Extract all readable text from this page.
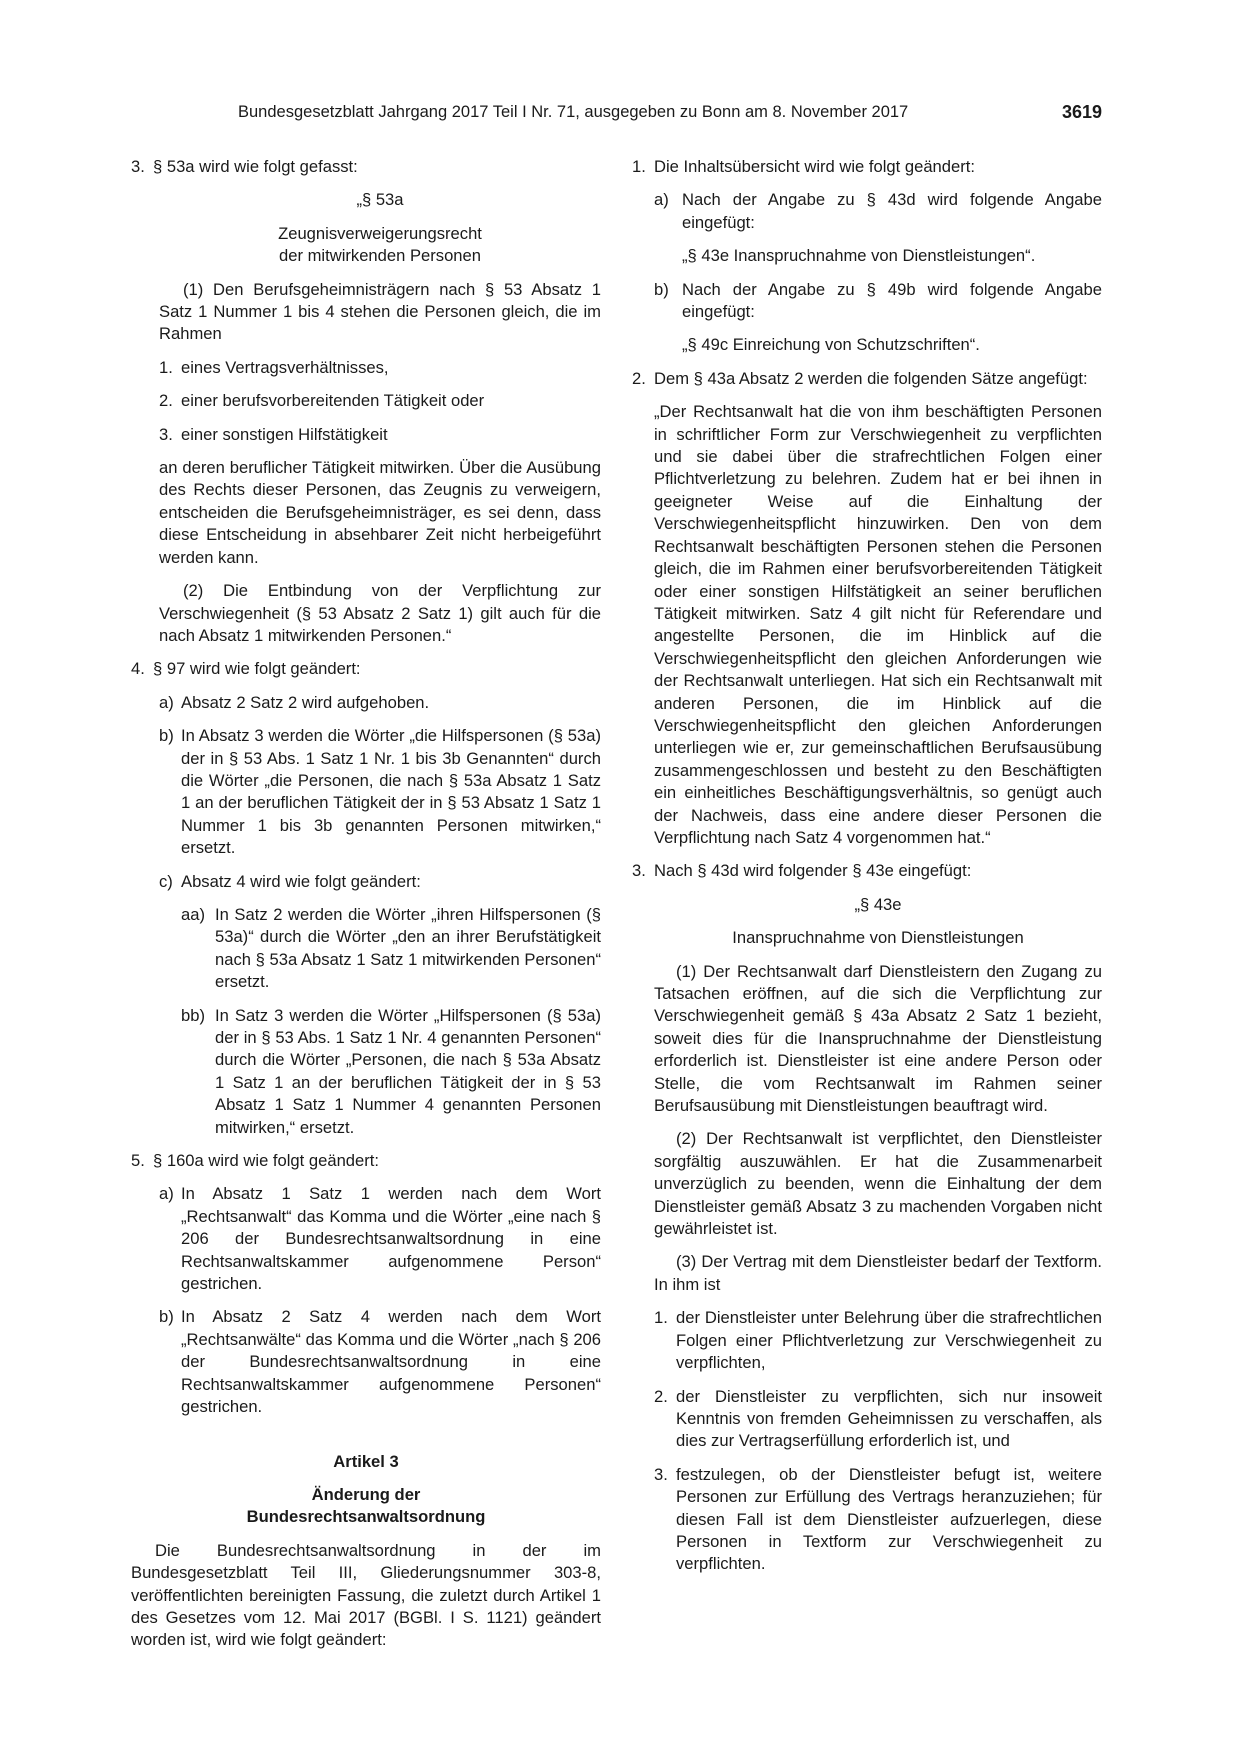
Bundesgesetzblatt Jahrgang 2017 Teil I Nr. 71, ausgegeben zu Bonn am 8. November 2017	3619
3. § 53a wird wie folgt gefasst:
„§ 53a
Zeugnisverweigerungsrecht
der mitwirkenden Personen
(1) Den Berufsgeheimnisträgern nach § 53 Absatz 1 Satz 1 Nummer 1 bis 4 stehen die Personen gleich, die im Rahmen
1. eines Vertragsverhältnisses,
2. einer berufsvorbereitenden Tätigkeit oder
3. einer sonstigen Hilfstätigkeit
an deren beruflicher Tätigkeit mitwirken. Über die Ausübung des Rechts dieser Personen, das Zeugnis zu verweigern, entscheiden die Berufsgeheimnisträger, es sei denn, dass diese Entscheidung in absehbarer Zeit nicht herbeigeführt werden kann.
(2) Die Entbindung von der Verpflichtung zur Verschwiegenheit (§ 53 Absatz 2 Satz 1) gilt auch für die nach Absatz 1 mitwirkenden Personen.“
4. § 97 wird wie folgt geändert:
a) Absatz 2 Satz 2 wird aufgehoben.
b) In Absatz 3 werden die Wörter „die Hilfspersonen (§ 53a) der in § 53 Abs. 1 Satz 1 Nr. 1 bis 3b Genannten“ durch die Wörter „die Personen, die nach § 53a Absatz 1 Satz 1 an der beruflichen Tätigkeit der in § 53 Absatz 1 Satz 1 Nummer 1 bis 3b genannten Personen mitwirken,“ ersetzt.
c) Absatz 4 wird wie folgt geändert:
aa) In Satz 2 werden die Wörter „ihren Hilfspersonen (§ 53a)“ durch die Wörter „den an ihrer Berufstätigkeit nach § 53a Absatz 1 Satz 1 mitwirkenden Personen“ ersetzt.
bb) In Satz 3 werden die Wörter „Hilfspersonen (§ 53a) der in § 53 Abs. 1 Satz 1 Nr. 4 genannten Personen“ durch die Wörter „Personen, die nach § 53a Absatz 1 Satz 1 an der beruflichen Tätigkeit der in § 53 Absatz 1 Satz 1 Nummer 4 genannten Personen mitwirken,“ ersetzt.
5. § 160a wird wie folgt geändert:
a) In Absatz 1 Satz 1 werden nach dem Wort „Rechtsanwalt“ das Komma und die Wörter „eine nach § 206 der Bundesrechtsanwaltsordnung in eine Rechtsanwaltskammer aufgenommene Person“ gestrichen.
b) In Absatz 2 Satz 4 werden nach dem Wort „Rechtsanwälte“ das Komma und die Wörter „nach § 206 der Bundesrechtsanwaltsordnung in eine Rechtsanwaltskammer aufgenommene Personen“ gestrichen.
Artikel 3
Änderung der
Bundesrechtsanwaltsordnung
Die Bundesrechtsanwaltsordnung in der im Bundesgesetzblatt Teil III, Gliederungsnummer 303-8, veröffentlichten bereinigten Fassung, die zuletzt durch Artikel 1 des Gesetzes vom 12. Mai 2017 (BGBl. I S. 1121) geändert worden ist, wird wie folgt geändert:
1. Die Inhaltsübersicht wird wie folgt geändert:
a) Nach der Angabe zu § 43d wird folgende Angabe eingefügt:
„§ 43e Inanspruchnahme von Dienstleistungen“.
b) Nach der Angabe zu § 49b wird folgende Angabe eingefügt:
„§ 49c Einreichung von Schutzschriften“.
2. Dem § 43a Absatz 2 werden die folgenden Sätze angefügt:
„Der Rechtsanwalt hat die von ihm beschäftigten Personen in schriftlicher Form zur Verschwiegenheit zu verpflichten und sie dabei über die strafrechtlichen Folgen einer Pflichtverletzung zu belehren. Zudem hat er bei ihnen in geeigneter Weise auf die Einhaltung der Verschwiegenheitspflicht hinzuwirken. Den von dem Rechtsanwalt beschäftigten Personen stehen die Personen gleich, die im Rahmen einer berufsvorbereitenden Tätigkeit oder einer sonstigen Hilfstätigkeit an seiner beruflichen Tätigkeit mitwirken. Satz 4 gilt nicht für Referendare und angestellte Personen, die im Hinblick auf die Verschwiegenheitspflicht den gleichen Anforderungen wie der Rechtsanwalt unterliegen. Hat sich ein Rechtsanwalt mit anderen Personen, die im Hinblick auf die Verschwiegenheitspflicht den gleichen Anforderungen unterliegen wie er, zur gemeinschaftlichen Berufsausübung zusammengeschlossen und besteht zu den Beschäftigten ein einheitliches Beschäftigungsverhältnis, so genügt auch der Nachweis, dass eine andere dieser Personen die Verpflichtung nach Satz 4 vorgenommen hat.“
3. Nach § 43d wird folgender § 43e eingefügt:
„§ 43e
Inanspruchnahme von Dienstleistungen
(1) Der Rechtsanwalt darf Dienstleistern den Zugang zu Tatsachen eröffnen, auf die sich die Verpflichtung zur Verschwiegenheit gemäß § 43a Absatz 2 Satz 1 bezieht, soweit dies für die Inanspruchnahme der Dienstleistung erforderlich ist. Dienstleister ist eine andere Person oder Stelle, die vom Rechtsanwalt im Rahmen seiner Berufsausübung mit Dienstleistungen beauftragt wird.
(2) Der Rechtsanwalt ist verpflichtet, den Dienstleister sorgfältig auszuwählen. Er hat die Zusammenarbeit unverzüglich zu beenden, wenn die Einhaltung der dem Dienstleister gemäß Absatz 3 zu machenden Vorgaben nicht gewährleistet ist.
(3) Der Vertrag mit dem Dienstleister bedarf der Textform. In ihm ist
1. der Dienstleister unter Belehrung über die strafrechtlichen Folgen einer Pflichtverletzung zur Verschwiegenheit zu verpflichten,
2. der Dienstleister zu verpflichten, sich nur insoweit Kenntnis von fremden Geheimnissen zu verschaffen, als dies zur Vertragserfüllung erforderlich ist, und
3. festzulegen, ob der Dienstleister befugt ist, weitere Personen zur Erfüllung des Vertrags heranzuziehen; für diesen Fall ist dem Dienstleister aufzuerlegen, diese Personen in Textform zur Verschwiegenheit zu verpflichten.
